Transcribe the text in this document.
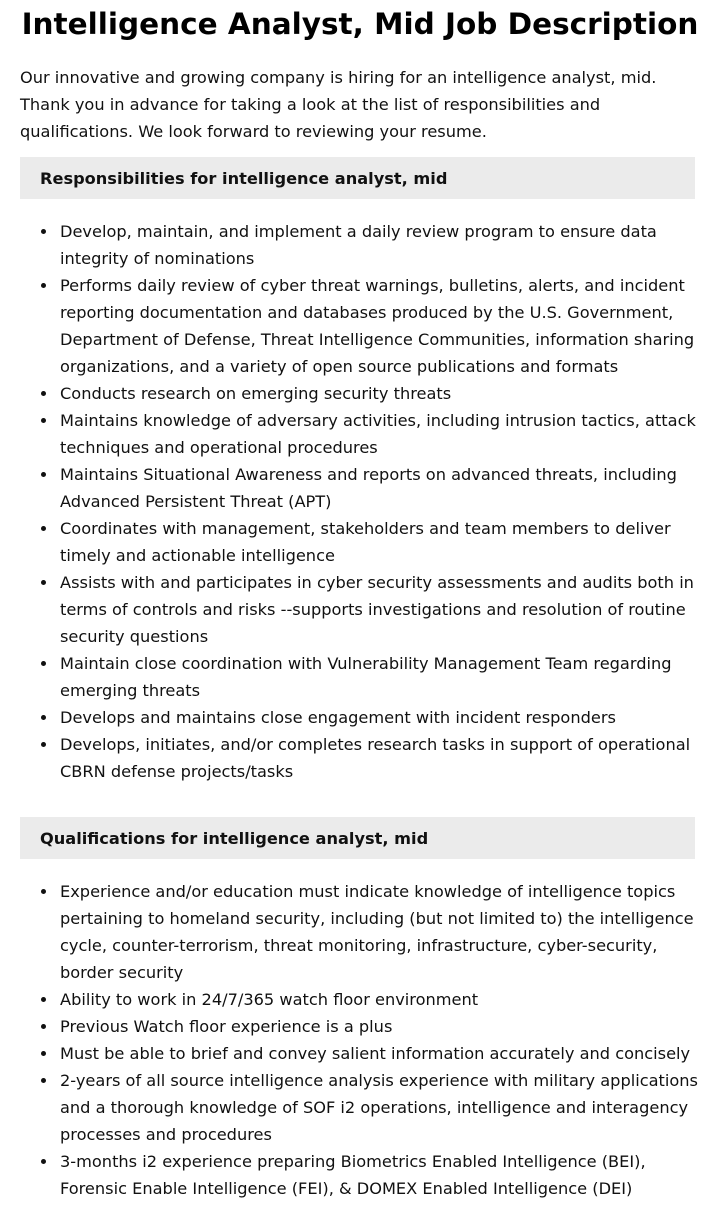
Intelligence Analyst, Mid Job Description

Our innovative and growing company is hiring for an intelligence analyst, mid. Thank you in advance for taking a look at the list of responsibilities and qualifications. We look forward to reviewing your resume.

Responsibilities for intelligence analyst, mid
Develop, maintain, and implement a daily review program to ensure data integrity of nominations
Performs daily review of cyber threat warnings, bulletins, alerts, and incident reporting documentation and databases produced by the U.S. Government, Department of Defense, Threat Intelligence Communities, information sharing organizations, and a variety of open source publications and formats
Conducts research on emerging security threats
Maintains knowledge of adversary activities, including intrusion tactics, attack techniques and operational procedures
Maintains Situational Awareness and reports on advanced threats, including Advanced Persistent Threat (APT)
Coordinates with management, stakeholders and team members to deliver timely and actionable intelligence
Assists with and participates in cyber security assessments and audits both in terms of controls and risks --supports investigations and resolution of routine security questions
Maintain close coordination with Vulnerability Management Team regarding emerging threats
Develops and maintains close engagement with incident responders
Develops, initiates, and/or completes research tasks in support of operational CBRN defense projects/tasks
Qualifications for intelligence analyst, mid
Experience and/or education must indicate knowledge of intelligence topics pertaining to homeland security, including (but not limited to) the intelligence cycle, counter-terrorism, threat monitoring, infrastructure, cyber-security, border security
Ability to work in 24/7/365 watch floor environment
Previous Watch floor experience is a plus
Must be able to brief and convey salient information accurately and concisely
2-years of all source intelligence analysis experience with military applications and a thorough knowledge of SOF i2 operations, intelligence and interagency processes and procedures
3-months i2 experience preparing Biometrics Enabled Intelligence (BEI), Forensic Enable Intelligence (FEI), & DOMEX Enabled Intelligence (DEI)
